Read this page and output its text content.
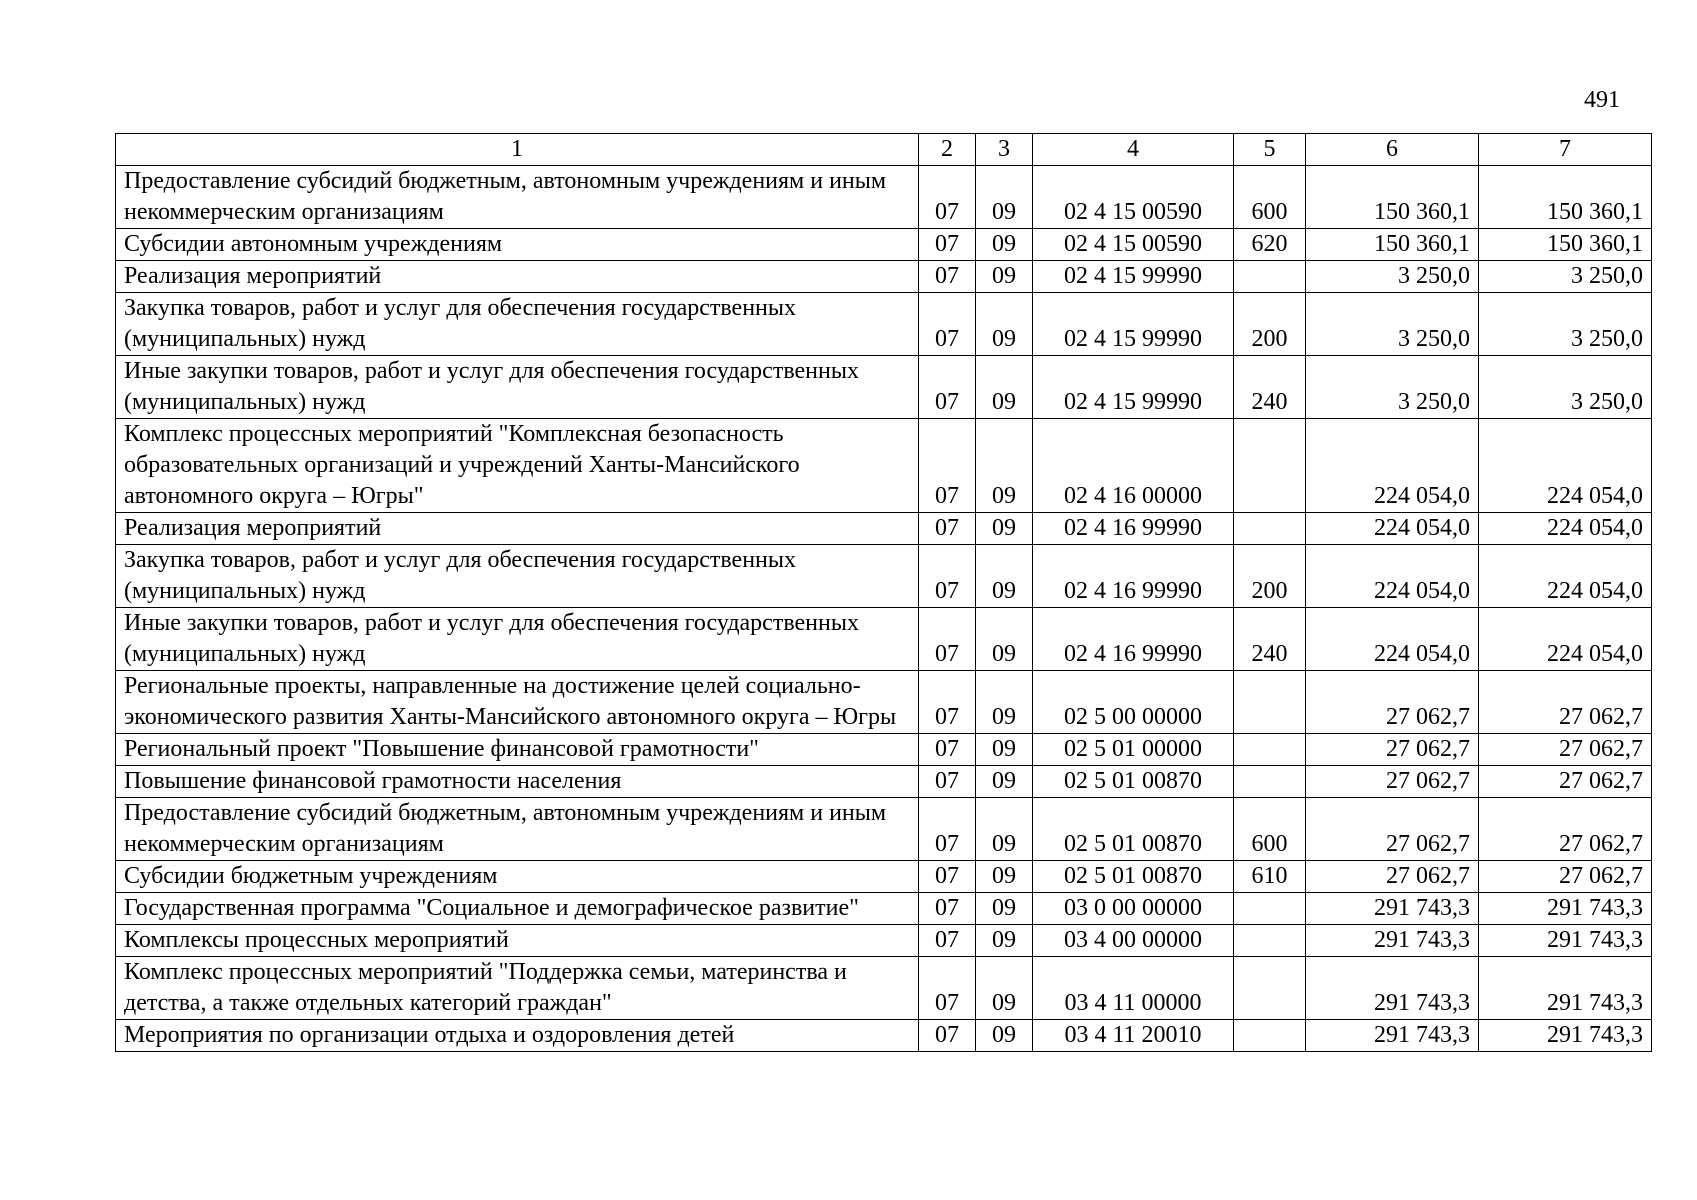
491
1	2	3	4	5	6	7
Предоставление субсидий бюджетным, автономным учреждениям и иным некоммерческим организациям	07	09	02 4 15 00590	600	150 360,1	150 360,1
Субсидии автономным учреждениям	07	09	02 4 15 00590	620	150 360,1	150 360,1
Реализация мероприятий	07	09	02 4 15 99990		3 250,0	3 250,0
Закупка товаров, работ и услуг для обеспечения государственных (муниципальных) нужд	07	09	02 4 15 99990	200	3 250,0	3 250,0
Иные закупки товаров, работ и услуг для обеспечения государственных (муниципальных) нужд	07	09	02 4 15 99990	240	3 250,0	3 250,0
Комплекс процессных мероприятий "Комплексная безопасность образовательных организаций и учреждений Ханты-Мансийского автономного округа – Югры"	07	09	02 4 16 00000		224 054,0	224 054,0
Реализация мероприятий	07	09	02 4 16 99990		224 054,0	224 054,0
Закупка товаров, работ и услуг для обеспечения государственных (муниципальных) нужд	07	09	02 4 16 99990	200	224 054,0	224 054,0
Иные закупки товаров, работ и услуг для обеспечения государственных (муниципальных) нужд	07	09	02 4 16 99990	240	224 054,0	224 054,0
Региональные проекты, направленные на достижение целей социально-экономического развития Ханты-Мансийского автономного округа – Югры	07	09	02 5 00 00000		27 062,7	27 062,7
Региональный проект "Повышение финансовой грамотности"	07	09	02 5 01 00000		27 062,7	27 062,7
Повышение финансовой грамотности населения	07	09	02 5 01 00870		27 062,7	27 062,7
Предоставление субсидий бюджетным, автономным учреждениям и иным некоммерческим организациям	07	09	02 5 01 00870	600	27 062,7	27 062,7
Субсидии бюджетным учреждениям	07	09	02 5 01 00870	610	27 062,7	27 062,7
Государственная программа "Социальное и демографическое развитие"	07	09	03 0 00 00000		291 743,3	291 743,3
Комплексы процессных мероприятий	07	09	03 4 00 00000		291 743,3	291 743,3
Комплекс процессных мероприятий "Поддержка семьи, материнства и детства, а также отдельных категорий граждан"	07	09	03 4 11 00000		291 743,3	291 743,3
Мероприятия по организации отдыха и оздоровления детей	07	09	03 4 11 20010		291 743,3	291 743,3
